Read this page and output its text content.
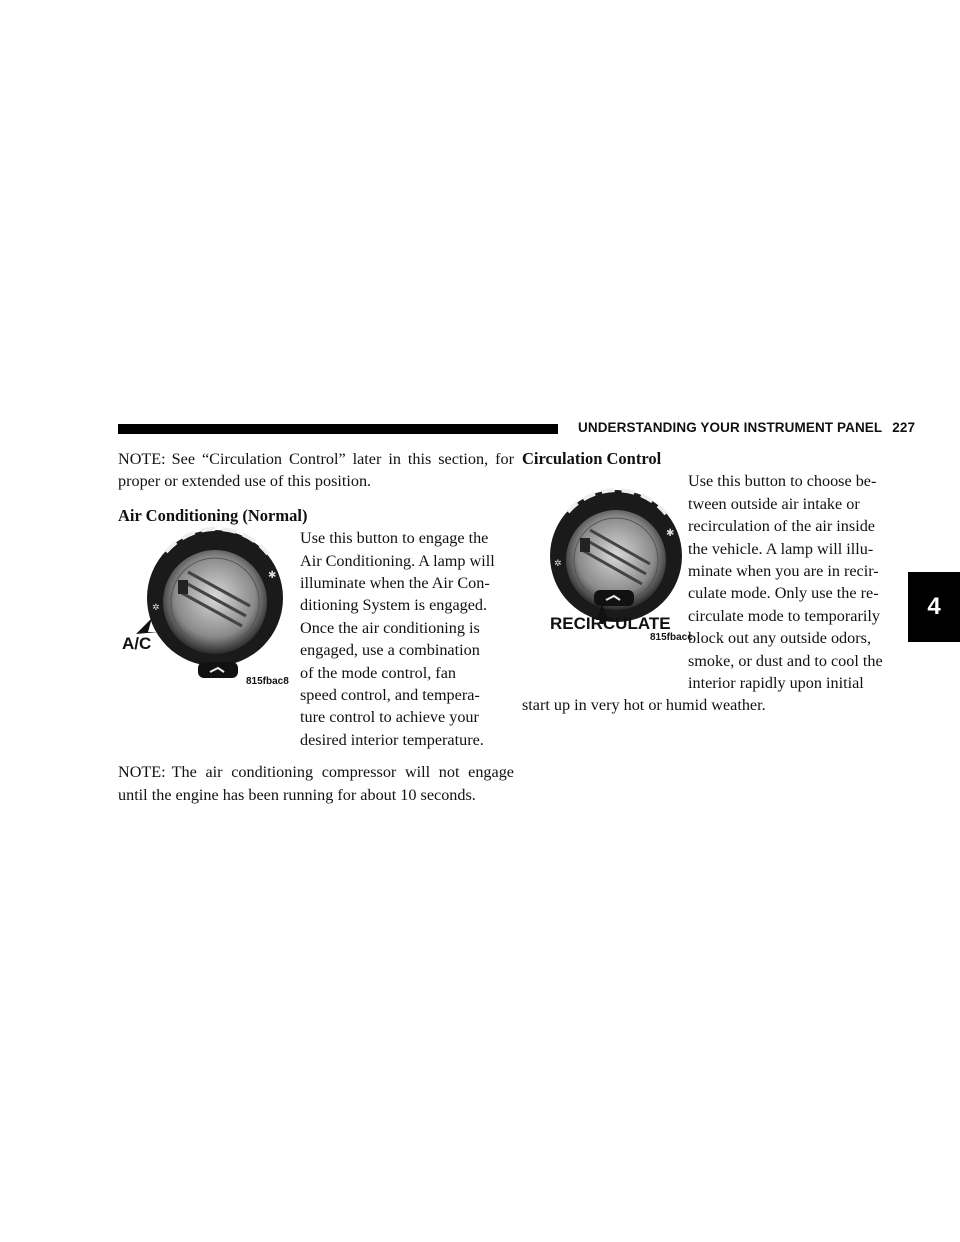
UNDERSTANDING YOUR INSTRUMENT PANEL 227
4

NOTE: See “Circulation Control” later in this section, for proper or extended use of this position.

Air Conditioning (Normal)

Use this button to engage the
Air Conditioning. A lamp will
illuminate when the Air Con-
ditioning System is engaged.
Once the air conditioning is
engaged, use a combination
of the mode control, fan
speed control, and tempera-
ture control to achieve your
desired interior temperature.

NOTE: The air conditioning compressor will not engage until the engine has been running for about 10 seconds.

✱
✲
A/C
815fbac8

Circulation Control

Use this button to choose be-
tween outside air intake or
recirculation of the air inside
the vehicle. A lamp will illu-
minate when you are in recir-
culate mode. Only use the re-
circulate mode to temporarily
block out any outside odors,
smoke, or dust and to cool the
interior rapidly upon initial

start up in very hot or humid weather.

✱
✲
RECIRCULATE
815fbacc
